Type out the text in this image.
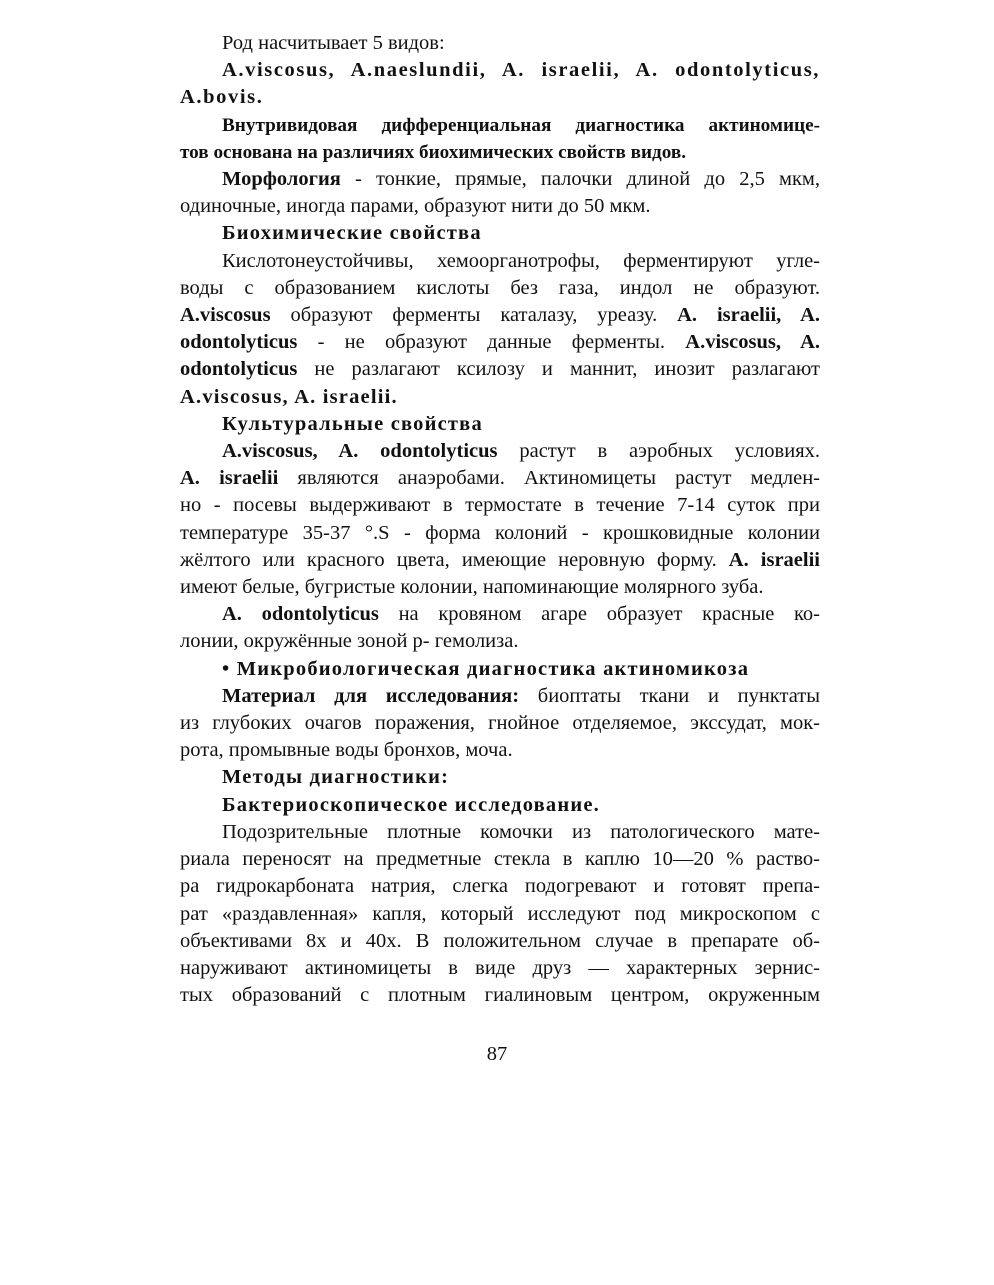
Род насчитывает 5 видов:
A.viscosus, A.naeslundii, A. israelii, A. odontolyticus,
A.bovis.
Внутривидовая дифференциальная диагностика актиномице-
тов основана на различиях биохимических свойств видов.
Морфология - тонкие, прямые, палочки длиной до 2,5 мкм,
одиночные, иногда парами, образуют нити до 50 мкм.
Биохимические свойства
Кислотонеустойчивы, хемоорганотрофы, ферментируют угле-
воды с образованием кислоты без газа, индол не образуют.
A.viscosus образуют ферменты каталазу, уреазу. A. israelii, A.
odontolyticus - не образуют данные ферменты. A.viscosus, A.
odontolyticus не разлагают ксилозу и маннит, инозит разлагают
A.viscosus, A. israelii.
Культуральные свойства
A.viscosus, A. odontolyticus растут в аэробных условиях.
A. israelii являются анаэробами. Актиномицеты растут медлен-
но - посевы выдерживают в термостате в течение 7-14 суток при
температуре 35-37 °.S - форма колоний - крошковидные колонии
жёлтого или красного цвета, имеющие неровную форму. A. israelii
имеют белые, бугристые колонии, напоминающие молярного зуба.
A. odontolyticus на кровяном агаре образует красные ко-
лонии, окружённые зоной р- гемолиза.
• Микробиологическая диагностика актиномикоза
Материал для исследования: биоптаты ткани и пунктаты
из глубоких очагов поражения, гнойное отделяемое, экссудат, мок-
рота, промывные воды бронхов, моча.
Методы диагностики:
Бактериоскопическое исследование.
Подозрительные плотные комочки из патологического мате-
риала переносят на предметные стекла в каплю 10—20 % раство-
ра гидрокарбоната натрия, слегка подогревают и готовят препа-
рат «раздавленная» капля, который исследуют под микроскопом с
объективами 8х и 40х. В положительном случае в препарате об-
наруживают актиномицеты в виде друз — характерных зернис-
тых образований с плотным гиалиновым центром, окруженным
87
